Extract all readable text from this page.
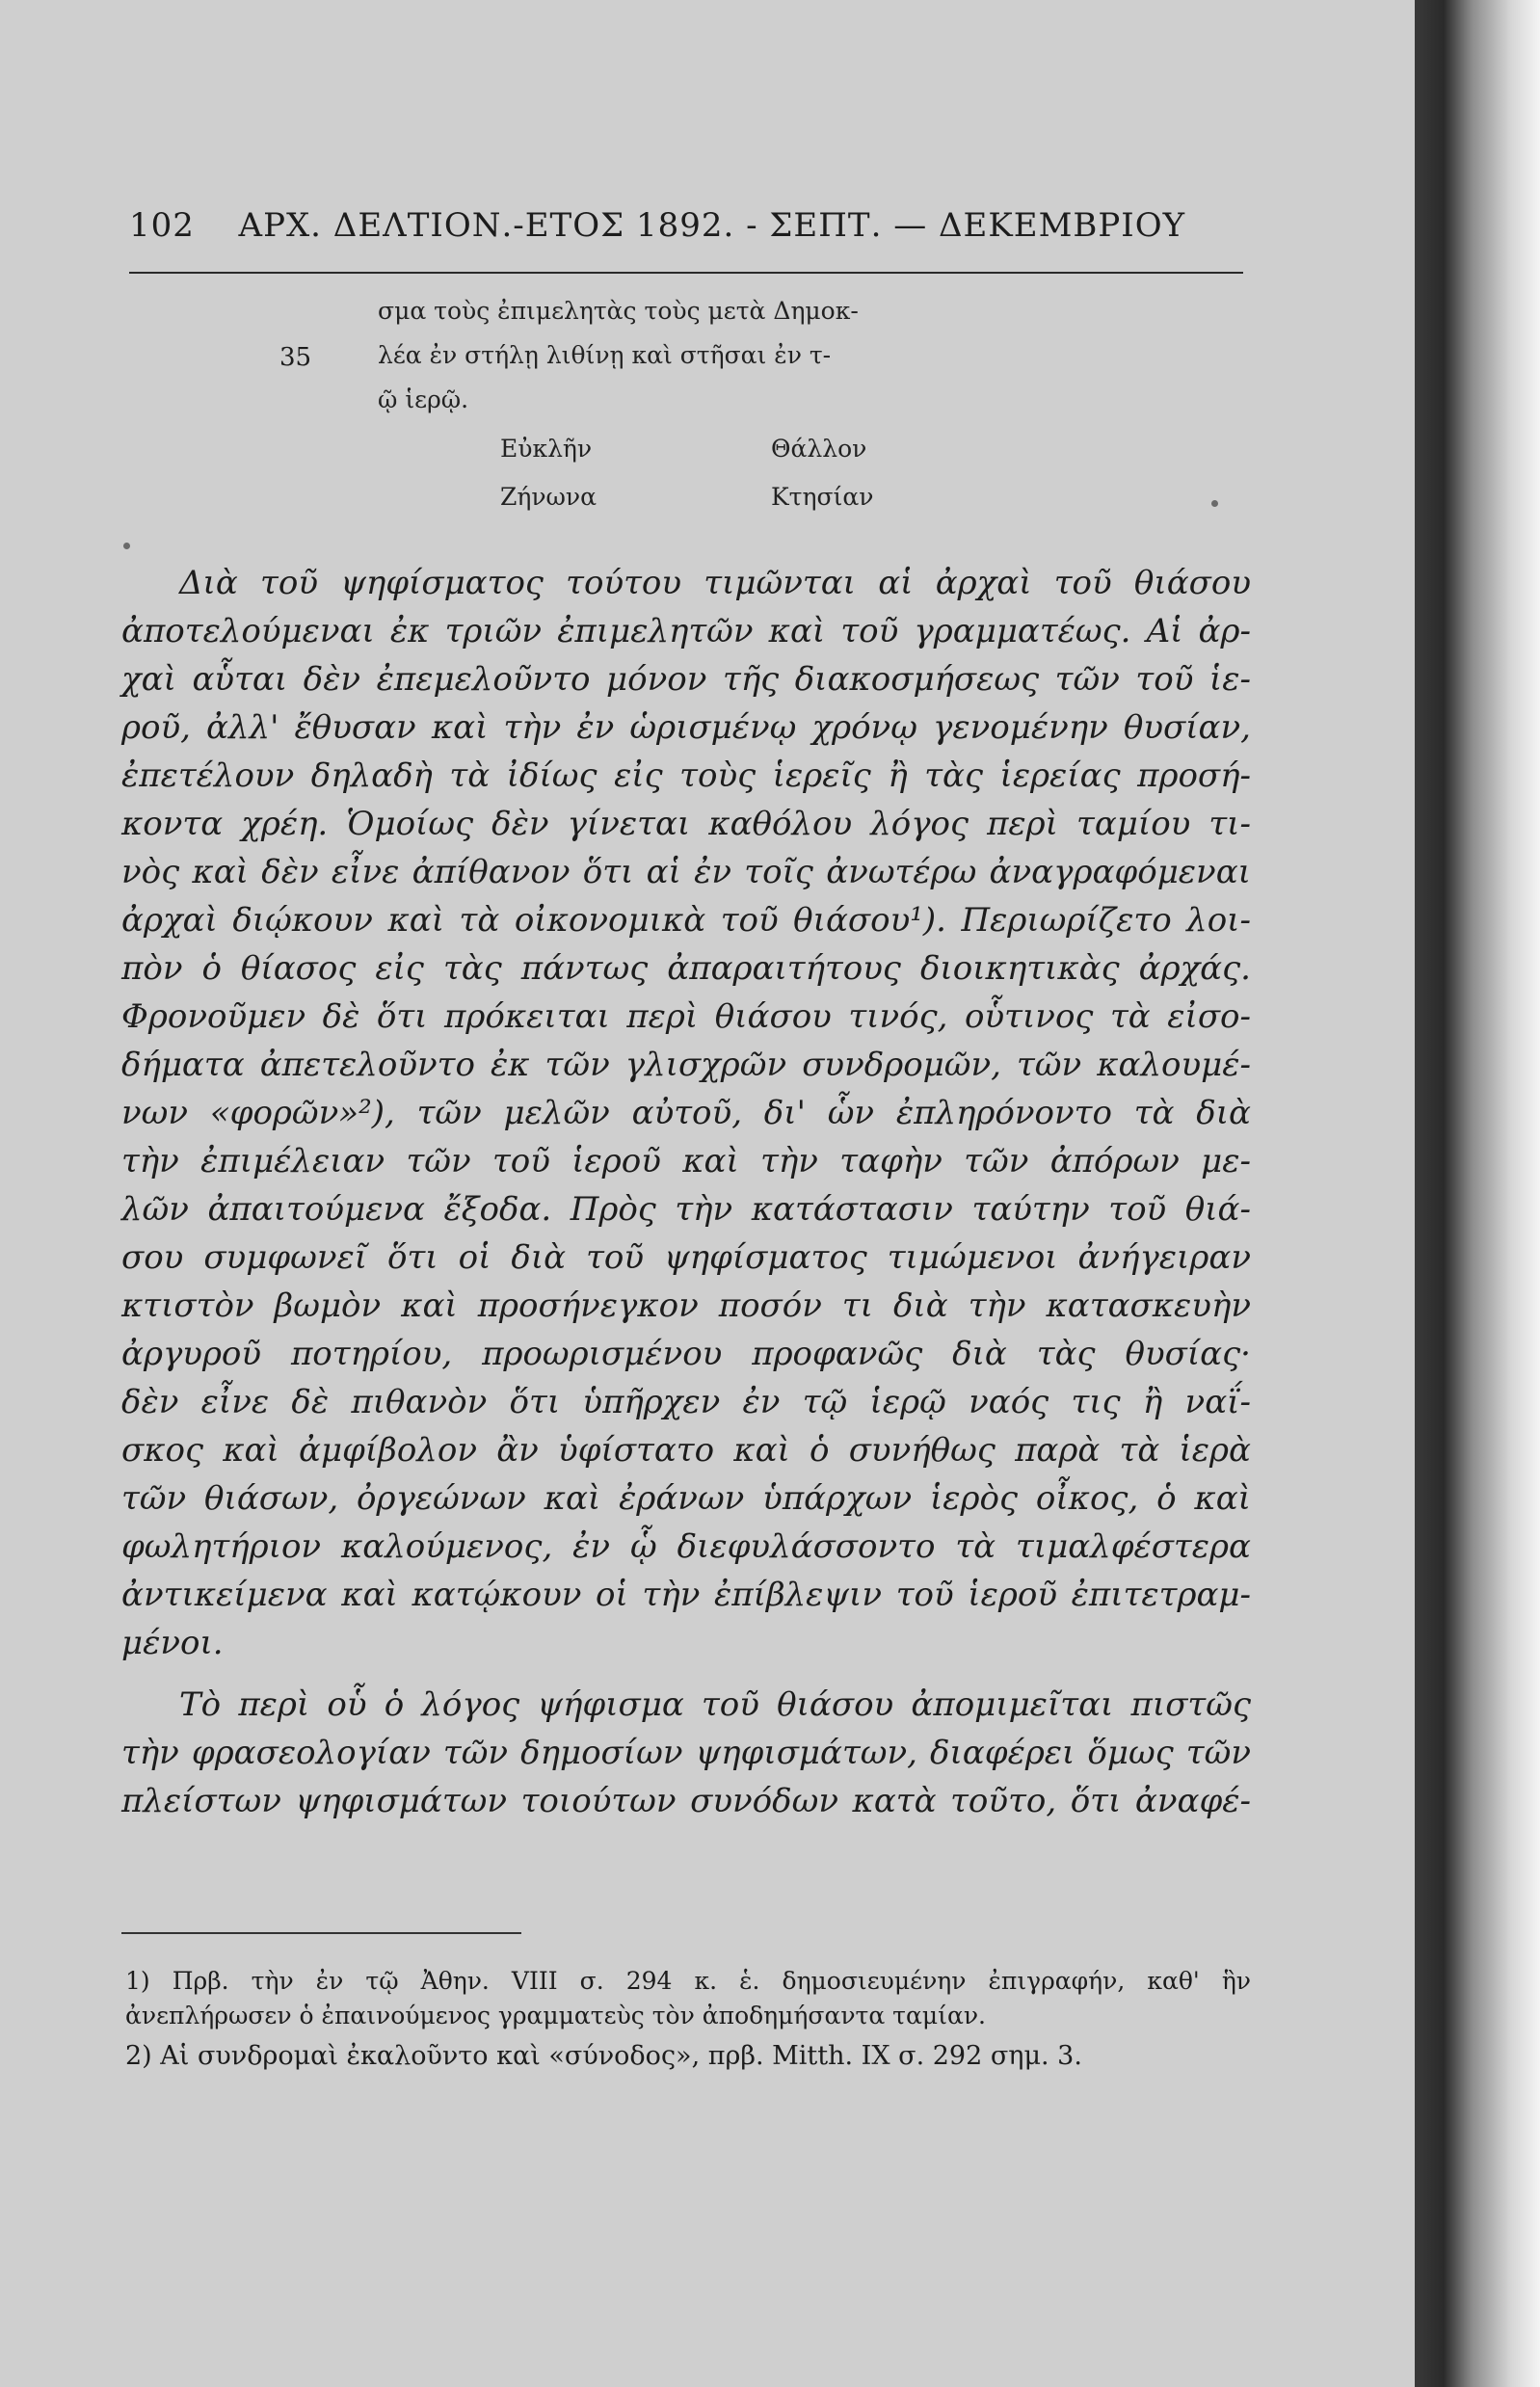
102 ΑΡΧ. ΔΕΛΤΙΟΝ.-ΕΤΟΣ 1892. - ΣΕΠΤ. — ΔΕΚΕΜΒΡΙΟΥ
35
σμα τοὺς ἐπιμελητὰς τοὺς μετὰ Δημοκ-
λέα ἐν στήλῃ λιθίνῃ καὶ στῆσαι ἐν τ-
ῷ ἱερῷ.
Εὐκλῆν
Ζήνωνα
Θάλλον
Κτησίαν

Διὰ τοῦ ψηφίσματος τούτου τιμῶνται αἱ ἀρχαὶ τοῦ θιάσου

ἀποτελούμεναι ἐκ τριῶν ἐπιμελητῶν καὶ τοῦ γραμματέως. Αἱ ἀρ-

χαὶ αὗται δὲν ἐπεμελοῦντο μόνον τῆς διακοσμήσεως τῶν τοῦ ἱε-

ροῦ, ἀλλ' ἔθυσαν καὶ τὴν ἐν ὡρισμένῳ χρόνῳ γενομένην θυσίαν,

ἐπετέλουν δηλαδὴ τὰ ἰδίως εἰς τοὺς ἱερεῖς ἢ τὰς ἱερείας προσή-

κοντα χρέη. Ὁμοίως δὲν γίνεται καθόλου λόγος περὶ ταμίου τι-

νὸς καὶ δὲν εἶνε ἀπίθανον ὅτι αἱ ἐν τοῖς ἀνωτέρω ἀναγραφόμεναι

ἀρχαὶ διῴκουν καὶ τὰ οἰκονομικὰ τοῦ θιάσου¹). Περιωρίζετο λοι-

πὸν ὁ θίασος εἰς τὰς πάντως ἀπαραιτήτους διοικητικὰς ἀρχάς.

Φρονοῦμεν δὲ ὅτι πρόκειται περὶ θιάσου τινός, οὗτινος τὰ εἰσο-

δήματα ἀπετελοῦντο ἐκ τῶν γλισχρῶν συνδρομῶν, τῶν καλουμέ-

νων «φορῶν»²), τῶν μελῶν αὐτοῦ, δι' ὧν ἐπληρόνοντο τὰ διὰ

τὴν ἐπιμέλειαν τῶν τοῦ ἱεροῦ καὶ τὴν ταφὴν τῶν ἀπόρων με-

λῶν ἀπαιτούμενα ἔξοδα. Πρὸς τὴν κατάστασιν ταύτην τοῦ θιά-

σου συμφωνεῖ ὅτι οἱ διὰ τοῦ ψηφίσματος τιμώμενοι ἀνήγειραν

κτιστὸν βωμὸν καὶ προσήνεγκον ποσόν τι διὰ τὴν κατασκευὴν

ἀργυροῦ ποτηρίου, προωρισμένου προφανῶς διὰ τὰς θυσίας·

δὲν εἶνε δὲ πιθανὸν ὅτι ὑπῆρχεν ἐν τῷ ἱερῷ ναός τις ἢ ναΐ-

σκος καὶ ἀμφίβολον ἂν ὑφίστατο καὶ ὁ συνήθως παρὰ τὰ ἱερὰ

τῶν θιάσων, ὀργεώνων καὶ ἐράνων ὑπάρχων ἱερὸς οἶκος, ὁ καὶ

φωλητήριον καλούμενος, ἐν ᾧ διεφυλάσσοντο τὰ τιμαλφέστερα

ἀντικείμενα καὶ κατῴκουν οἱ τὴν ἐπίβλεψιν τοῦ ἱεροῦ ἐπιτετραμ-

μένοι.

Τὸ περὶ οὗ ὁ λόγος ψήφισμα τοῦ θιάσου ἀπομιμεῖται πιστῶς

τὴν φρασεολογίαν τῶν δημοσίων ψηφισμάτων, διαφέρει ὅμως τῶν

πλείστων ψηφισμάτων τοιούτων συνόδων κατὰ τοῦτο, ὅτι ἀναφέ-

1) Πρβ. τὴν ἐν τῷ Ἀθην. VIII σ. 294 κ. ἑ. δημοσιευμένην ἐπιγραφήν, καθ' ἣν

ἀνεπλήρωσεν ὁ ἐπαινούμενος γραμματεὺς τὸν ἀποδημήσαντα ταμίαν.

2) Αἱ συνδρομαὶ ἐκαλοῦντο καὶ «σύνοδος», πρβ. Mitth. IX σ. 292 σημ. 3.
